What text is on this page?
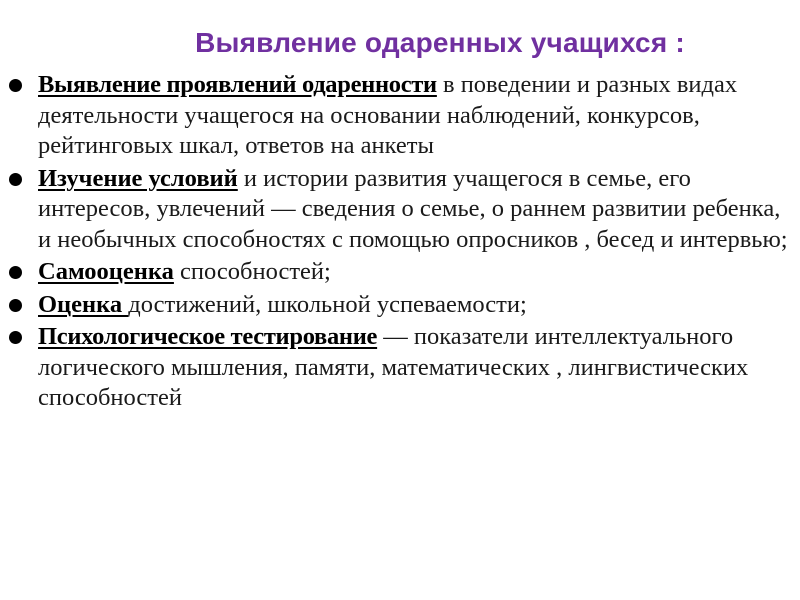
Выявление одаренных учащихся :
Выявление проявлений одаренности в поведении и разных видах деятельности учащегося на основании наблюдений, конкурсов, рейтинговых шкал, ответов на анкеты
Изучение условий и истории развития учащегося в семье, его интересов, увлечений — сведения о семье, о раннем развитии ребенка, и необычных способностях с помощью опросников , бесед и интервью;
Самооценка способностей;
Оценка достижений, школьной успеваемости;
Психологическое тестирование — показатели интеллектуального логического мышления, памяти, математических , лингвистических способностей
